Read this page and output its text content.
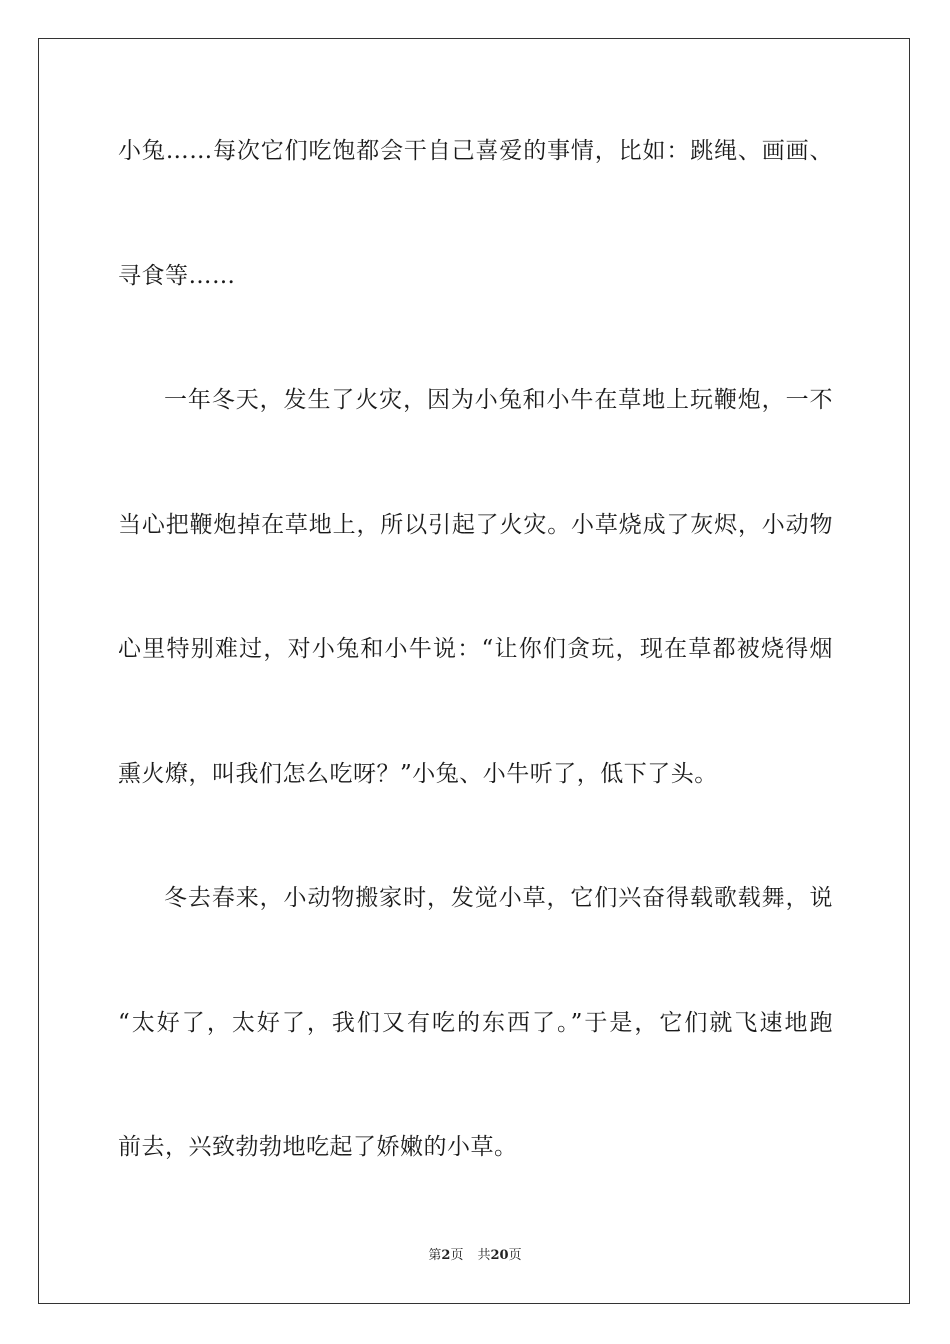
小兔……每次它们吃饱都会干自己喜爱的事情，比如：跳绳、画画、
寻食等……
一年冬天，发生了火灾，因为小兔和小牛在草地上玩鞭炮，一不
当心把鞭炮掉在草地上，所以引起了火灾。小草烧成了灰烬，小动物
心里特别难过，对小兔和小牛说：“让你们贪玩，现在草都被烧得烟
熏火燎，叫我们怎么吃呀？”小兔、小牛听了，低下了头。
冬去春来，小动物搬家时，发觉小草，它们兴奋得载歌载舞，说
“太好了，太好了，我们又有吃的东西了。”于是，它们就飞速地跑
前去，兴致勃勃地吃起了娇嫩的小草。
第2页 共20页
